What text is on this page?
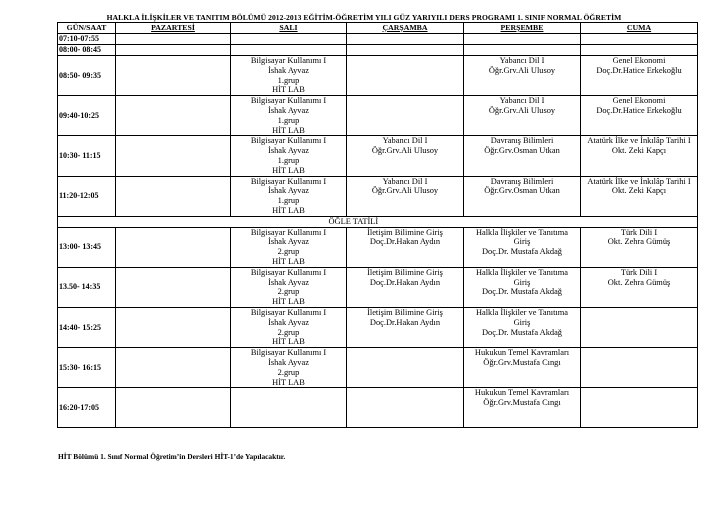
HALKLA İLİŞKİLER VE TANITIM BÖLÜMÜ 2012-2013 EĞİTİM-ÖĞRETİM YILI GÜZ YARIYILI DERS PROGRAMI 1. SINIF NORMAL ÖĞRETİM
GÜN/SAAT	PAZARTESİ	SALI	ÇARŞAMBA	PERŞEMBE	CUMA
07:10-07:55					
08:00- 08:45					
08:50- 09:35		Bilgisayar Kullanımı I
İshak Ayvaz
1.grup
HİT LAB		Yabancı Dil I
Öğr.Grv.Ali Ulusoy	Genel Ekonomi
Doç.Dr.Hatice Erkekoğlu

09:40-10:25		Bilgisayar Kullanımı I
İshak Ayvaz
1.grup
HİT LAB		Yabancı Dil I
Öğr.Grv.Ali Ulusoy	Genel Ekonomi
Doç.Dr.Hatice Erkekoğlu

10:30- 11:15		Bilgisayar Kullanımı I
İshak Ayvaz
1.grup
HİT LAB	Yabancı Dil I
Öğr.Grv.Ali Ulusoy	Davranış Bilimleri
Öğr.Grv.Osman Utkan	Atatürk İlke ve İnkılâp Tarihi I
Okt. Zeki Kapçı

11:20-12:05		Bilgisayar Kullanımı I
İshak Ayvaz
1.grup
HİT LAB	Yabancı Dil I
Öğr.Grv.Ali Ulusoy	Davranış Bilimleri
Öğr.Grv.Osman Utkan	Atatürk İlke ve İnkılâp Tarihi I
Okt. Zeki Kapçı

			ÖĞLE TATİLİ		
13:00- 13:45		Bilgisayar Kullanımı I
İshak Ayvaz
2.grup
HİT LAB	İletişim Bilimine Giriş
Doç.Dr.Hakan Aydın	Halkla İlişkiler ve Tanıtıma
Giriş
Doç.Dr. Mustafa Akdağ	Türk Dili I
Okt. Zehra Gümüş

13.50- 14:35		Bilgisayar Kullanımı I
İshak Ayvaz
2.grup
HİT LAB	İletişim Bilimine Giriş
Doç.Dr.Hakan Aydın	Halkla İlişkiler ve Tanıtıma
Giriş
Doç.Dr. Mustafa Akdağ	Türk Dili I
Okt. Zehra Gümüş

14:40- 15:25		Bilgisayar Kullanımı I
İshak Ayvaz
2.grup
HİT LAB	İletişim Bilimine Giriş
Doç.Dr.Hakan Aydın	Halkla İlişkiler ve Tanıtıma
Giriş
Doç.Dr. Mustafa Akdağ	

15:30- 16:15		Bilgisayar Kullanımı I
İshak Ayvaz
2.grup
HİT LAB		Hukukun Temel Kavramları
Öğr.Grv.Mustafa Cıngı	

16:20-17:05				Hukukun Temel Kavramları
Öğr.Grv.Mustafa Cıngı	

HİT Bölümü 1. Sınıf Normal Öğretim’in Dersleri HİT-1’de Yapılacaktır.
